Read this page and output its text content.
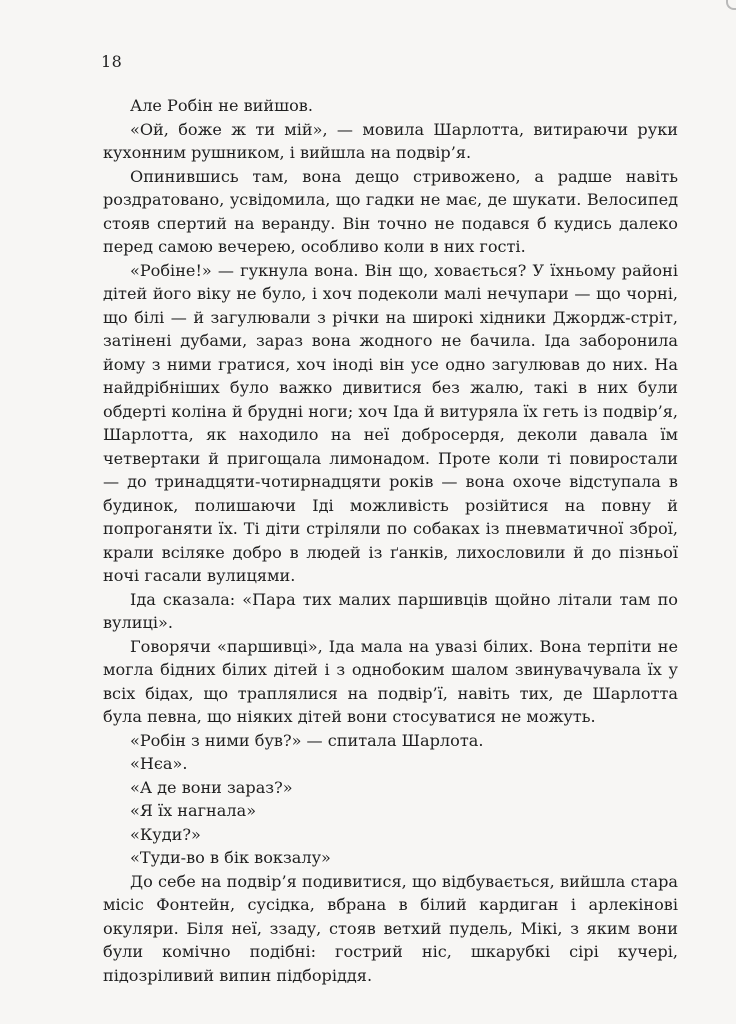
18

Але Робін не вийшов.

«Ой, боже ж ти мій», — мовила Шарлотта, витираючи руки кухонним рушником, і вийшла на подвір’я.

Опинившись там, вона дещо стривожено, а радше навіть роздратовано, усвідомила, що гадки не має, де шукати. Велосипед стояв спертий на веранду. Він точно не подався б кудись далеко перед самою вечерею, особливо коли в них гості.

«Робіне!» — гукнула вона. Він що, ховається? У їхньому районі дітей його віку не було, і хоч подеколи малі нечупари — що чорні, що білі — й загулювали з річки на широкі хідники Джордж-стріт, затінені дубами, зараз вона жодного не бачила. Іда заборонила йому з ними гратися, хоч іноді він усе одно загулював до них. На найдрібніших було важко дивитися без жалю, такі в них були обдерті коліна й брудні ноги; хоч Іда й витуряла їх геть із подвір’я, Шарлотта, як находило на неї добросердя, деколи давала їм четвертаки й пригощала лимонадом. Проте коли ті повиростали — до тринадцяти-чотирнадцяти років — вона охоче відступала в будинок, полишаючи Іді можливість розійтися на повну й попроганяти їх. Ті діти стріляли по собаках із пневматичної зброї, крали всіляке добро в людей із ґанків, лихословили й до пізньої ночі гасали вулицями.

Іда сказала: «Пара тих малих паршивців щойно літали там по вулиці».

Говорячи «паршивці», Іда мала на увазі білих. Вона терпіти не могла бідних білих дітей і з однобоким шалом звинувачувала їх у всіх бідах, що траплялися на подвір’ї, навіть тих, де Шарлотта була певна, що ніяких дітей вони стосуватися не можуть.

«Робін з ними був?» — спитала Шарлота.

«Нєа».

«А де вони зараз?»

«Я їх нагнала»

«Куди?»

«Туди-во в бік вокзалу»

До себе на подвір’я подивитися, що відбувається, вийшла стара місіс Фонтейн, сусідка, вбрана в білий кардиган і арлекінові окуляри. Біля неї, ззаду, стояв ветхий пудель, Мікі, з яким вони були комічно подібні: гострий ніс, шкарубкі сірі кучері, підозріливий випин підборіддя.
